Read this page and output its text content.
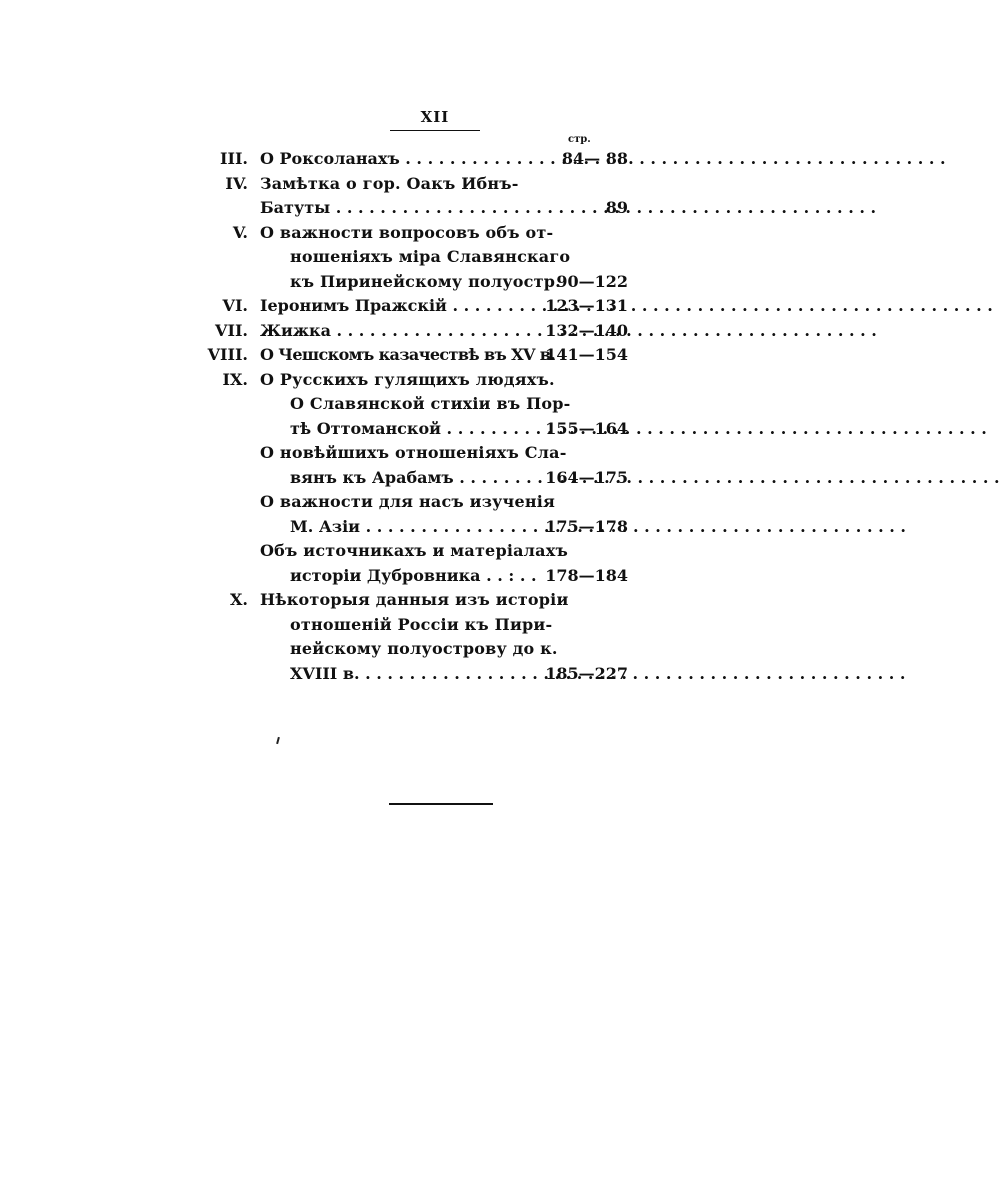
XII
стр.
III. О Роксоланахъ . . .	84— 88
IV. Замѣтка о гор. Оакъ Ибнъ-
Батуты . . .	89
V. О важности вопросовъ объ от-
ношеніяхъ міра Славянскаго
къ Пиринейскому полуостр.
90—122
VI. Іеронимъ Пражскій . . .	123—131
VII. Жижка . . .	132—140
VIII. О Чешскомъ казачествѣ въ XV в.
141—154
IX. О Русскихъ гулящихъ людяхъ.
О Славянской стихіи въ Пор-
тѣ Оттоманской . . .	155—164
О новѣйшихъ отношеніяхъ Сла-
вянъ къ Арабамъ . . .	164—175
О важности для насъ изученія
М. Азіи . . .	175—178
Объ источникахъ и матеріалахъ
исторіи Дубровника . . : . . 178—184
X. Нѣкоторыя данныя изъ исторіи
отношеній Россіи къ Пири-
нейскому полуострову до к.
XVIII в. . . .	185—227
